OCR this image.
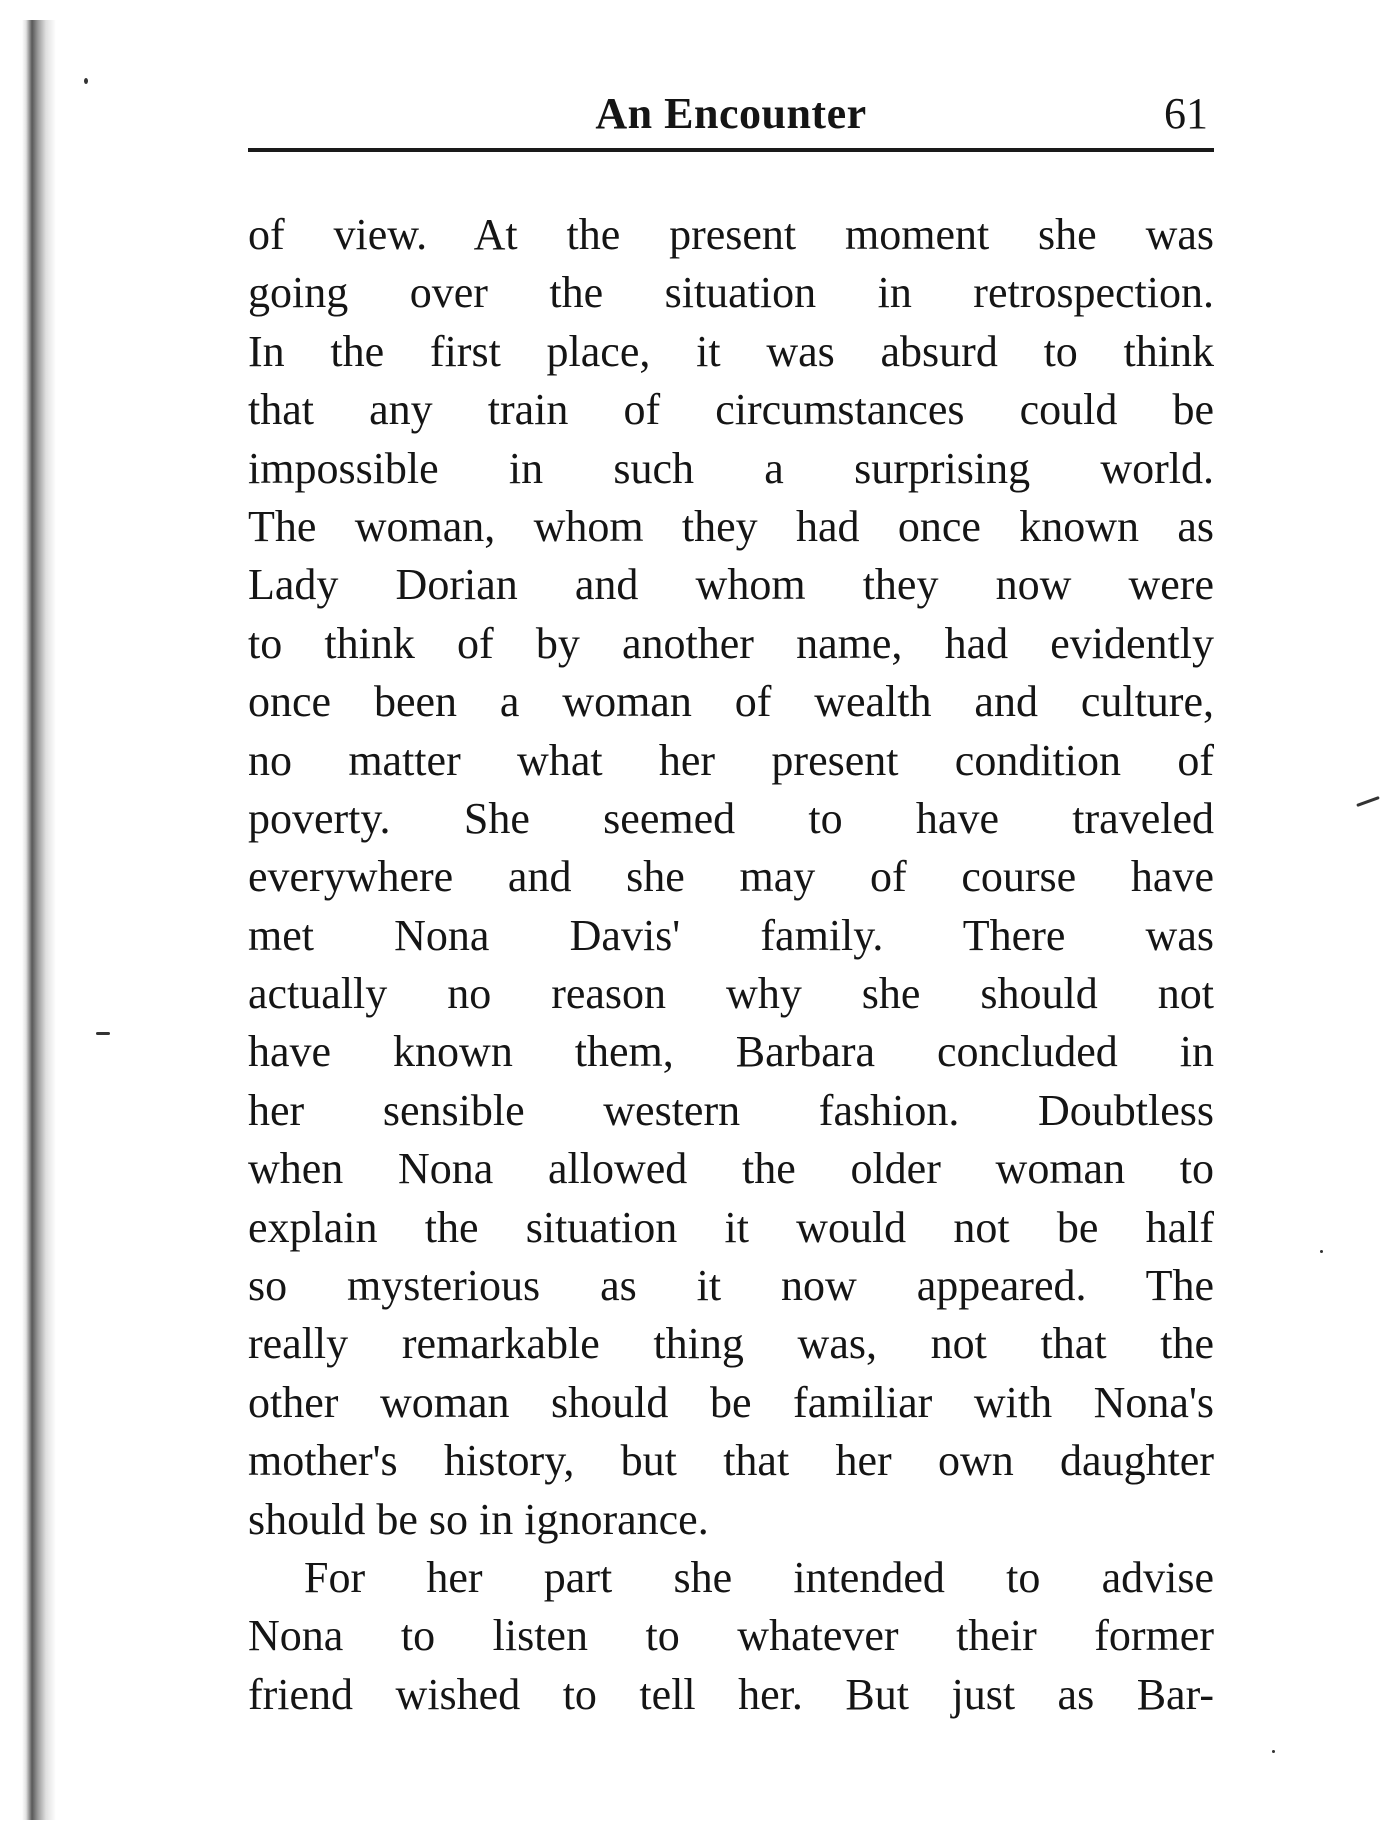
An Encounter	61
of view. At the present moment she was
going over the situation in retrospection.
In the first place, it was absurd to think
that any train of circumstances could be
impossible in such a surprising world.
The woman, whom they had once known as
Lady Dorian and whom they now were
to think of by another name, had evidently
once been a woman of wealth and culture,
no matter what her present condition of
poverty. She seemed to have traveled
everywhere and she may of course have
met Nona Davis' family. There was
actually no reason why she should not
have known them, Barbara concluded in
her sensible western fashion. Doubtless
when Nona allowed the older woman to
explain the situation it would not be half
so mysterious as it now appeared. The
really remarkable thing was, not that the
other woman should be familiar with Nona's
mother's history, but that her own daughter
should be so in ignorance.
For her part she intended to advise
Nona to listen to whatever their former
friend wished to tell her. But just as Bar-
